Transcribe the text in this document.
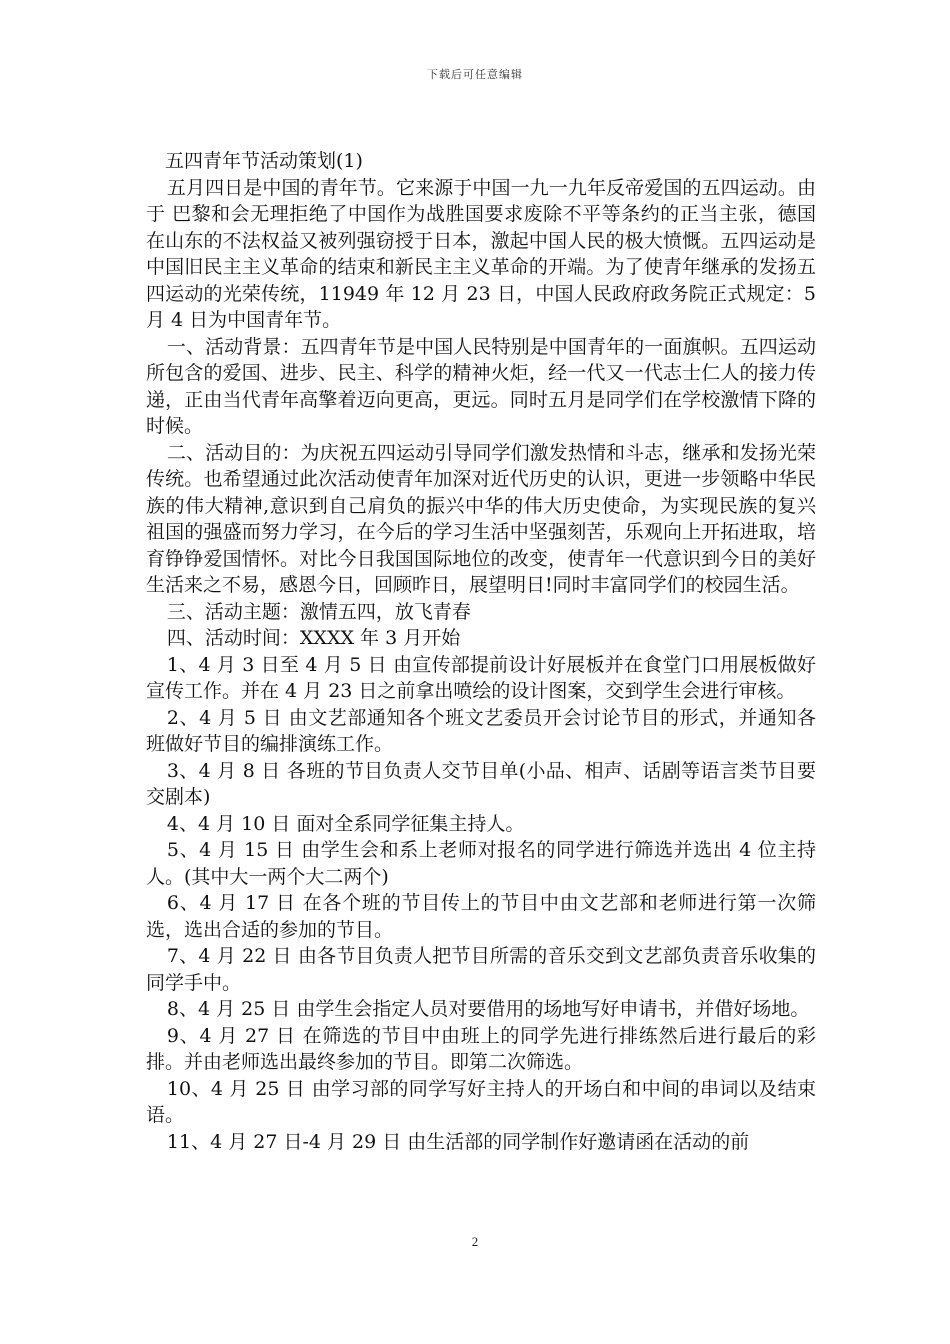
下载后可任意编辑

五四青年节活动策划(1)

五月四日是中国的青年节。它来源于中国一九一九年反帝爱国的五四运动。由于 巴黎和会无理拒绝了中国作为战胜国要求废除不平等条约的正当主张，德国在山东的不法权益又被列强窃授于日本，激起中国人民的极大愤慨。五四运动是中国旧民主主义革命的结束和新民主主义革命的开端。为了使青年继承的发扬五四运动的光荣传统，11949 年 12 月 23 日，中国人民政府政务院正式规定：5 月 4 日为中国青年节。

一、活动背景：五四青年节是中国人民特别是中国青年的一面旗帜。五四运动所包含的爱国、进步、民主、科学的精神火炬，经一代又一代志士仁人的接力传递，正由当代青年高擎着迈向更高，更远。同时五月是同学们在学校激情下降的时候。

二、活动目的：为庆祝五四运动引导同学们激发热情和斗志，继承和发扬光荣传统。也希望通过此次活动使青年加深对近代历史的认识，更进一步领略中华民族的伟大精神,意识到自己肩负的振兴中华的伟大历史使命，为实现民族的复兴祖国的强盛而努力学习，在今后的学习生活中坚强刻苦，乐观向上开拓进取，培育铮铮爱国情怀。对比今日我国国际地位的改变，使青年一代意识到今日的美好生活来之不易，感恩今日，回顾昨日，展望明日!同时丰富同学们的校园生活。

三、活动主题：激情五四，放飞青春

四、活动时间：XXXX 年 3 月开始

1、4 月 3 日至 4 月 5 日 由宣传部提前设计好展板并在食堂门口用展板做好宣传工作。并在 4 月 23 日之前拿出喷绘的设计图案，交到学生会进行审核。

2、4 月 5 日 由文艺部通知各个班文艺委员开会讨论节目的形式，并通知各班做好节目的编排演练工作。

3、4 月 8 日 各班的节目负责人交节目单(小品、相声、话剧等语言类节目要交剧本)

4、4 月 10 日 面对全系同学征集主持人。

5、4 月 15 日 由学生会和系上老师对报名的同学进行筛选并选出 4 位主持人。(其中大一两个大二两个)

6、4 月 17 日 在各个班的节目传上的节目中由文艺部和老师进行第一次筛选，选出合适的参加的节目。

7、4 月 22 日 由各节目负责人把节目所需的音乐交到文艺部负责音乐收集的同学手中。

8、4 月 25 日 由学生会指定人员对要借用的场地写好申请书，并借好场地。

9、4 月 27 日 在筛选的节目中由班上的同学先进行排练然后进行最后的彩排。并由老师选出最终参加的节目。即第二次筛选。

10、4 月 25 日 由学习部的同学写好主持人的开场白和中间的串词以及结束语。

11、4 月 27 日-4 月 29 日 由生活部的同学制作好邀请函在活动的前

2
